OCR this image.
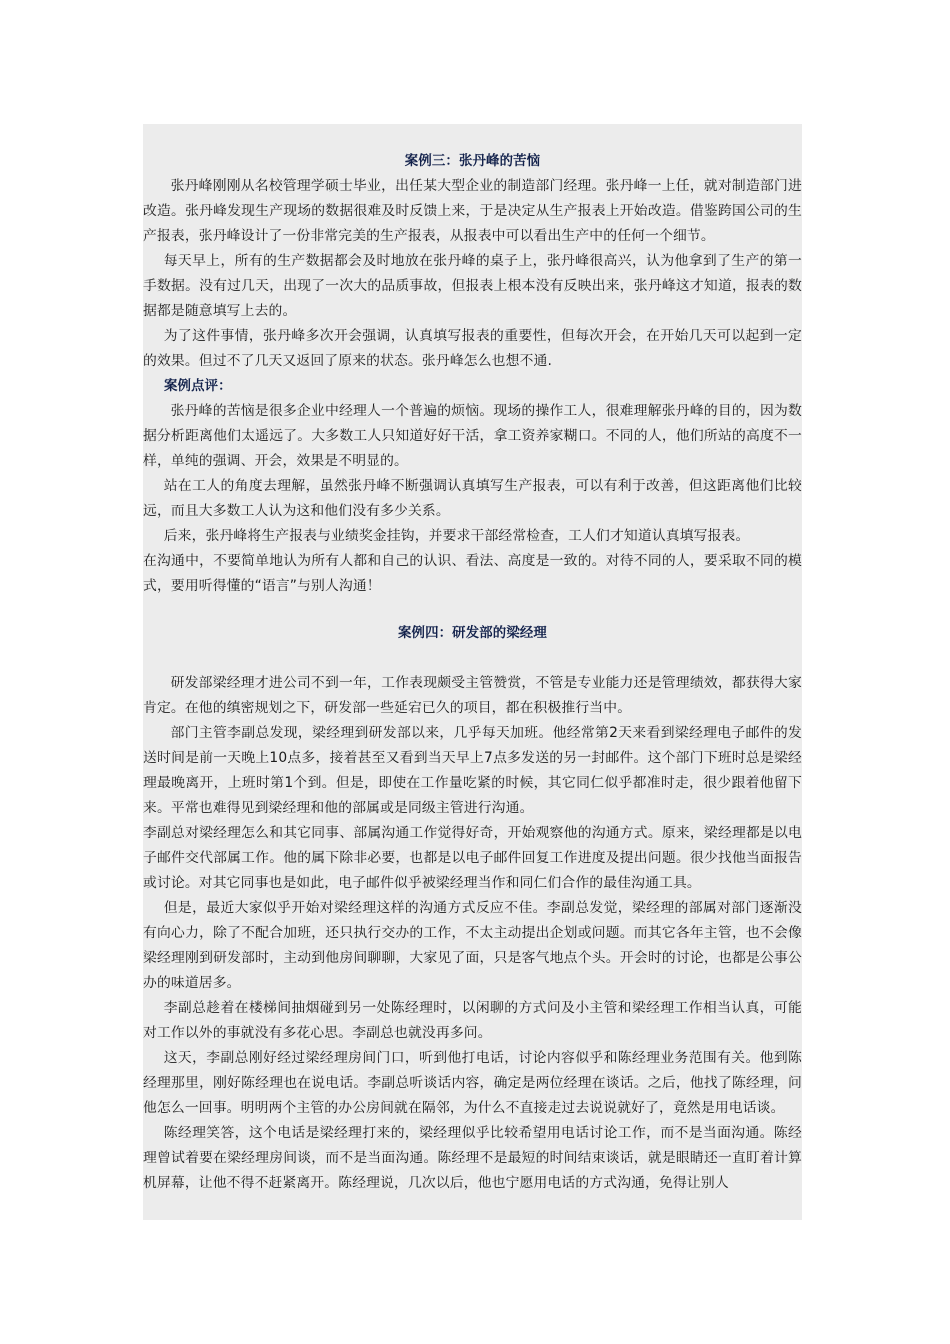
案例三：张丹峰的苦恼

张丹峰刚刚从名校管理学硕士毕业，出任某大型企业的制造部门经理。张丹峰一上任，就对制造部门进改造。张丹峰发现生产现场的数据很难及时反馈上来，于是决定从生产报表上开始改造。借鉴跨国公司的生产报表，张丹峰设计了一份非常完美的生产报表，从报表中可以看出生产中的任何一个细节。

每天早上，所有的生产数据都会及时地放在张丹峰的桌子上，张丹峰很高兴，认为他拿到了生产的第一手数据。没有过几天，出现了一次大的品质事故，但报表上根本没有反映出来，张丹峰这才知道，报表的数据都是随意填写上去的。

为了这件事情，张丹峰多次开会强调，认真填写报表的重要性，但每次开会，在开始几天可以起到一定的效果。但过不了几天又返回了原来的状态。张丹峰怎么也想不通.

案例点评：

张丹峰的苦恼是很多企业中经理人一个普遍的烦恼。现场的操作工人，很难理解张丹峰的目的，因为数据分析距离他们太遥远了。大多数工人只知道好好干活，拿工资养家糊口。不同的人，他们所站的高度不一样，单纯的强调、开会，效果是不明显的。

站在工人的角度去理解，虽然张丹峰不断强调认真填写生产报表，可以有利于改善，但这距离他们比较远，而且大多数工人认为这和他们没有多少关系。

后来，张丹峰将生产报表与业绩奖金挂钩，并要求干部经常检查，工人们才知道认真填写报表。

在沟通中，不要简单地认为所有人都和自己的认识、看法、高度是一致的。对待不同的人，要采取不同的模式，要用听得懂的“语言”与别人沟通！

案例四：研发部的梁经理

研发部梁经理才进公司不到一年，工作表现颇受主管赞赏，不管是专业能力还是管理绩效，都获得大家肯定。在他的缜密规划之下，研发部一些延宕已久的项目，都在积极推行当中。

部门主管李副总发现，梁经理到研发部以来，几乎每天加班。他经常第2天来看到梁经理电子邮件的发送时间是前一天晚上10点多，接着甚至又看到当天早上7点多发送的另一封邮件。这个部门下班时总是梁经理最晚离开，上班时第1个到。但是，即使在工作量吃紧的时候，其它同仁似乎都准时走，很少跟着他留下来。平常也难得见到梁经理和他的部属或是同级主管进行沟通。

李副总对梁经理怎么和其它同事、部属沟通工作觉得好奇，开始观察他的沟通方式。原来，梁经理都是以电子邮件交代部属工作。他的属下除非必要，也都是以电子邮件回复工作进度及提出问题。很少找他当面报告或讨论。对其它同事也是如此，电子邮件似乎被梁经理当作和同仁们合作的最佳沟通工具。

但是，最近大家似乎开始对梁经理这样的沟通方式反应不佳。李副总发觉，梁经理的部属对部门逐渐没有向心力，除了不配合加班，还只执行交办的工作，不太主动提出企划或问题。而其它各年主管，也不会像梁经理刚到研发部时，主动到他房间聊聊，大家见了面，只是客气地点个头。开会时的讨论，也都是公事公办的味道居多。

李副总趁着在楼梯间抽烟碰到另一处陈经理时，以闲聊的方式问及小主管和梁经理工作相当认真，可能对工作以外的事就没有多花心思。李副总也就没再多问。

这天，李副总刚好经过梁经理房间门口，听到他打电话，讨论内容似乎和陈经理业务范围有关。他到陈经理那里，刚好陈经理也在说电话。李副总听谈话内容，确定是两位经理在谈话。之后，他找了陈经理，问他怎么一回事。明明两个主管的办公房间就在隔邻，为什么不直接走过去说说就好了，竟然是用电话谈。

陈经理笑答，这个电话是梁经理打来的，梁经理似乎比较希望用电话讨论工作，而不是当面沟通。陈经理曾试着要在梁经理房间谈，而不是当面沟通。陈经理不是最短的时间结束谈话，就是眼睛还一直盯着计算机屏幕，让他不得不赶紧离开。陈经理说，几次以后，他也宁愿用电话的方式沟通，免得让别人
